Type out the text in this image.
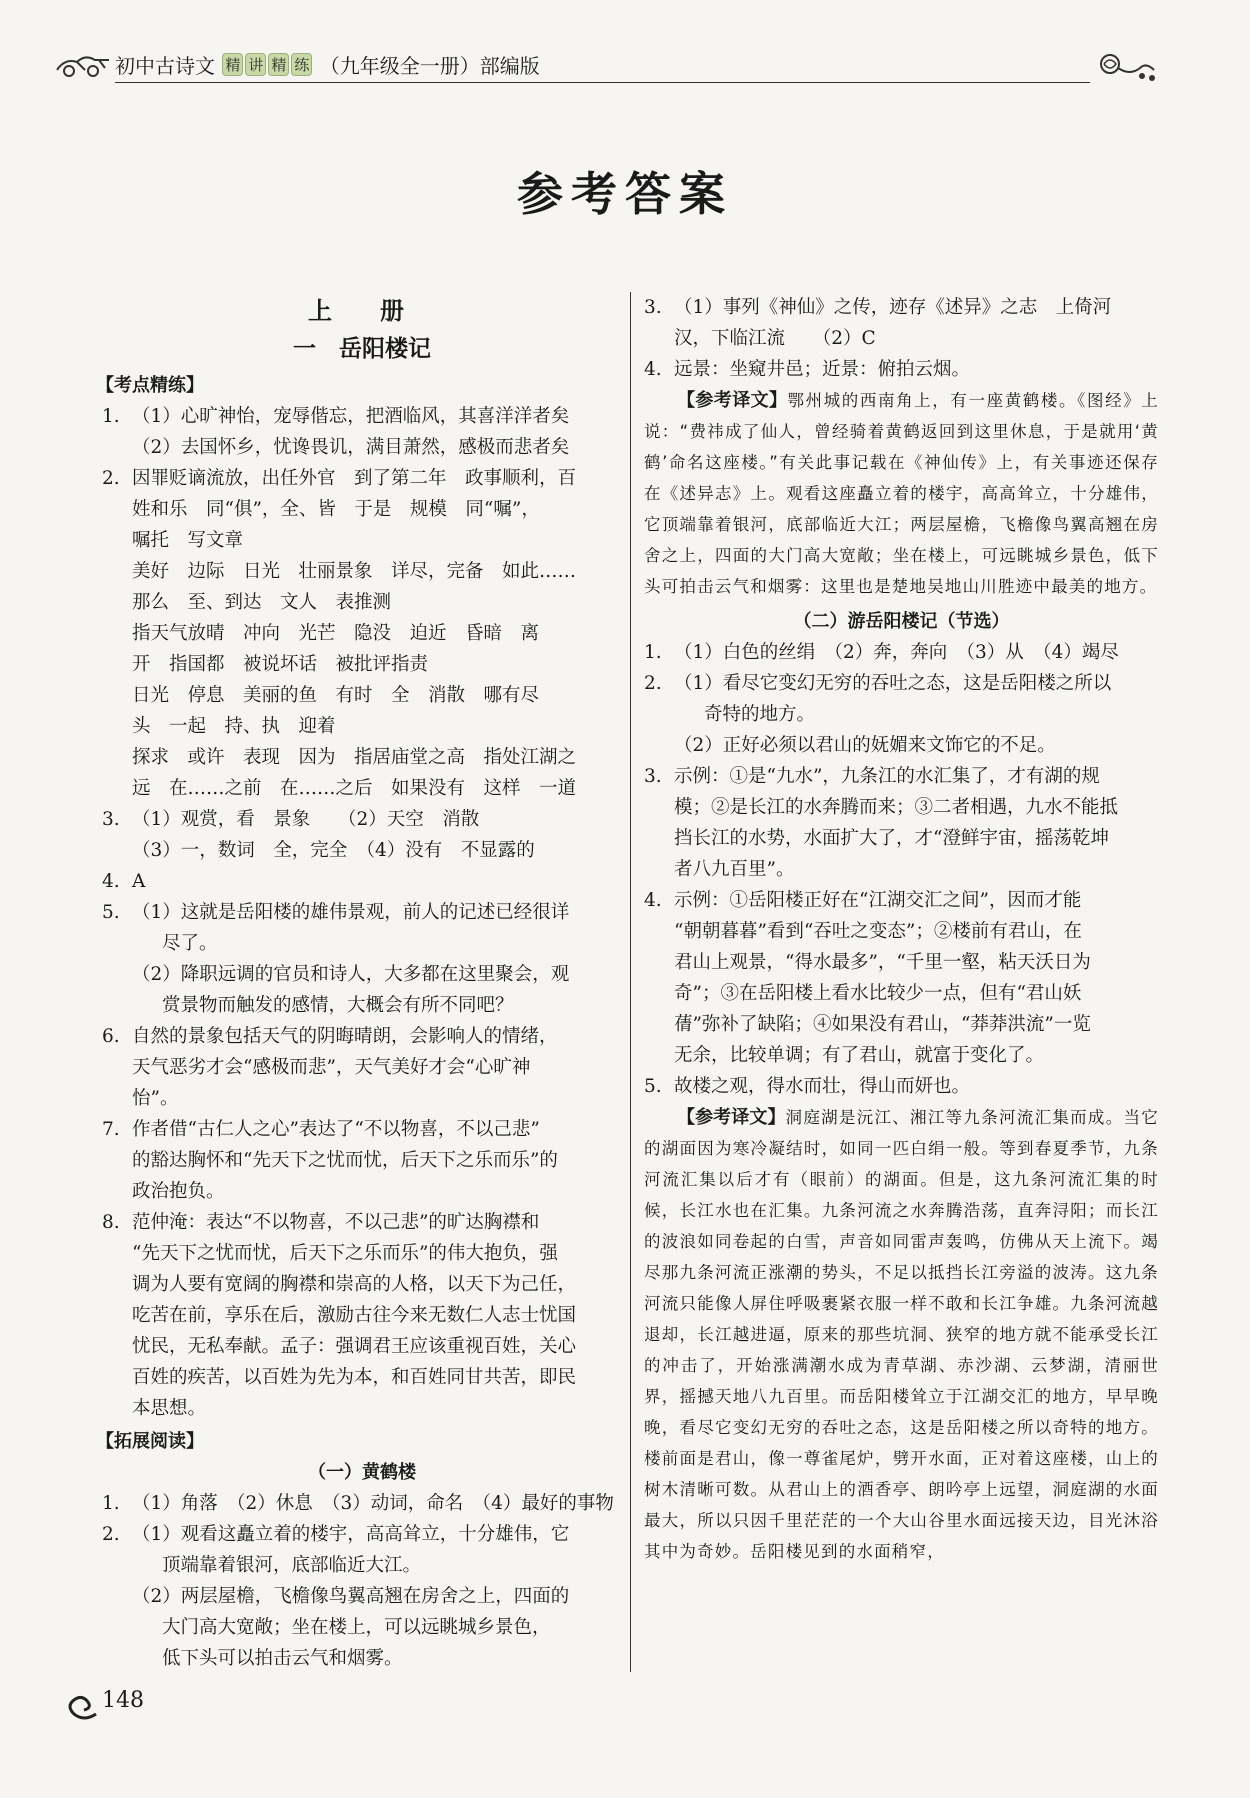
初中古诗文 精 讲 精 练 （九年级全一册）部编版
参考答案
上　册
一　岳阳楼记
【考点精练】
1. （1）心旷神怡，宠辱偕忘，把酒临风，其喜洋洋者矣
（2）去国怀乡，忧谗畏讥，满目萧然，感极而悲者矣
2. 因罪贬谪流放，出任外官　到了第二年　政事顺利，百
姓和乐　同“俱”，全、皆　于是　规模　同“嘱”，
嘱托　写文章
美好　边际　日光　壮丽景象　详尽，完备　如此……
那么　至、到达　文人　表推测
指天气放晴　冲向　光芒　隐没　迫近　昏暗　离
开　指国都　被说坏话　被批评指责
日光　停息　美丽的鱼　有时　全　消散　哪有尽
头　一起　持、执　迎着
探求　或许　表现　因为　指居庙堂之高　指处江湖之
远　在……之前　在……之后　如果没有　这样　一道
3. （1）观赏，看　景象　　（2）天空　消散
（3）一，数词　全，完全　（4）没有　不显露的
4. A
5. （1）这就是岳阳楼的雄伟景观，前人的记述已经很详
尽了。
（2）降职远调的官员和诗人，大多都在这里聚会，观
赏景物而触发的感情，大概会有所不同吧？
6. 自然的景象包括天气的阴晦晴朗，会影响人的情绪，
天气恶劣才会“感极而悲”，天气美好才会“心旷神
怡”。
7. 作者借“古仁人之心”表达了“不以物喜，不以己悲”
的豁达胸怀和“先天下之忧而忧，后天下之乐而乐”的
政治抱负。
8. 范仲淹：表达“不以物喜，不以己悲”的旷达胸襟和
“先天下之忧而忧，后天下之乐而乐”的伟大抱负，强
调为人要有宽阔的胸襟和崇高的人格，以天下为己任，
吃苦在前，享乐在后，激励古往今来无数仁人志士忧国
忧民，无私奉献。孟子：强调君王应该重视百姓，关心
百姓的疾苦，以百姓为先为本，和百姓同甘共苦，即民
本思想。
【拓展阅读】
（一）黄鹤楼
1. （1）角落　（2）休息　（3）动词，命名　（4）最好的事物
2. （1）观看这矗立着的楼宇，高高耸立，十分雄伟，它
顶端靠着银河，底部临近大江。
（2）两层屋檐，飞檐像鸟翼高翘在房舍之上，四面的
大门高大宽敞；坐在楼上，可以远眺城乡景色，
低下头可以拍击云气和烟雾。
3. （1）事列《神仙》之传，迹存《述异》之志　上倚河
汉，下临江流　　（2）C
4. 远景：坐窥井邑；近景：俯拍云烟。
【参考译文】鄂州城的西南角上，有一座黄鹤楼。《图经》上说：“费祎成了仙人，曾经骑着黄鹤返回到这里休息，于是就用‘黄鹤’命名这座楼。”有关此事记载在《神仙传》上，有关事迹还保存在《述异志》上。观看这座矗立着的楼宇，高高耸立，十分雄伟，它顶端靠着银河，底部临近大江；两层屋檐，飞檐像鸟翼高翘在房舍之上，四面的大门高大宽敞；坐在楼上，可远眺城乡景色，低下头可拍击云气和烟雾：这里也是楚地吴地山川胜迹中最美的地方。
（二）游岳阳楼记（节选）
1. （1）白色的丝绢　（2）奔，奔向　（3）从　（4）竭尽
2. （1）看尽它变幻无穷的吞吐之态，这是岳阳楼之所以
奇特的地方。
（2）正好必须以君山的妩媚来文饰它的不足。
3. 示例：①是“九水”，九条江的水汇集了，才有湖的规
模；②是长江的水奔腾而来；③二者相遇，九水不能抵
挡长江的水势，水面扩大了，才“澄鲜宇宙，摇荡乾坤
者八九百里”。
4. 示例：①岳阳楼正好在“江湖交汇之间”，因而才能
“朝朝暮暮”看到“吞吐之变态”；②楼前有君山，在
君山上观景，“得水最多”，“千里一壑，粘天沃日为
奇”；③在岳阳楼上看水比较少一点，但有“君山妖
蒨”弥补了缺陷；④如果没有君山，“莽莽洪流”一览
无余，比较单调；有了君山，就富于变化了。
5. 故楼之观，得水而壮，得山而妍也。
【参考译文】洞庭湖是沅江、湘江等九条河流汇集而成。当它的湖面因为寒冷凝结时，如同一匹白绢一般。等到春夏季节，九条河流汇集以后才有（眼前）的湖面。但是，这九条河流汇集的时候，长江水也在汇集。九条河流之水奔腾浩荡，直奔浔阳；而长江的波浪如同卷起的白雪，声音如同雷声轰鸣，仿佛从天上流下。竭尽那九条河流正涨潮的势头，不足以抵挡长江旁溢的波涛。这九条河流只能像人屏住呼吸裹紧衣服一样不敢和长江争雄。九条河流越退却，长江越进逼，原来的那些坑洞、狭窄的地方就不能承受长江的冲击了，开始涨满潮水成为青草湖、赤沙湖、云梦湖，清丽世界，摇撼天地八九百里。而岳阳楼耸立于江湖交汇的地方，早早晚晚，看尽它变幻无穷的吞吐之态，这是岳阳楼之所以奇特的地方。楼前面是君山，像一尊雀尾炉，劈开水面，正对着这座楼，山上的树木清晰可数。从君山上的酒香亭、朗吟亭上远望，洞庭湖的水面最大，所以只因千里茫茫的一个大山谷里水面远接天边，目光沐浴其中为奇妙。岳阳楼见到的水面稍窄，
148
